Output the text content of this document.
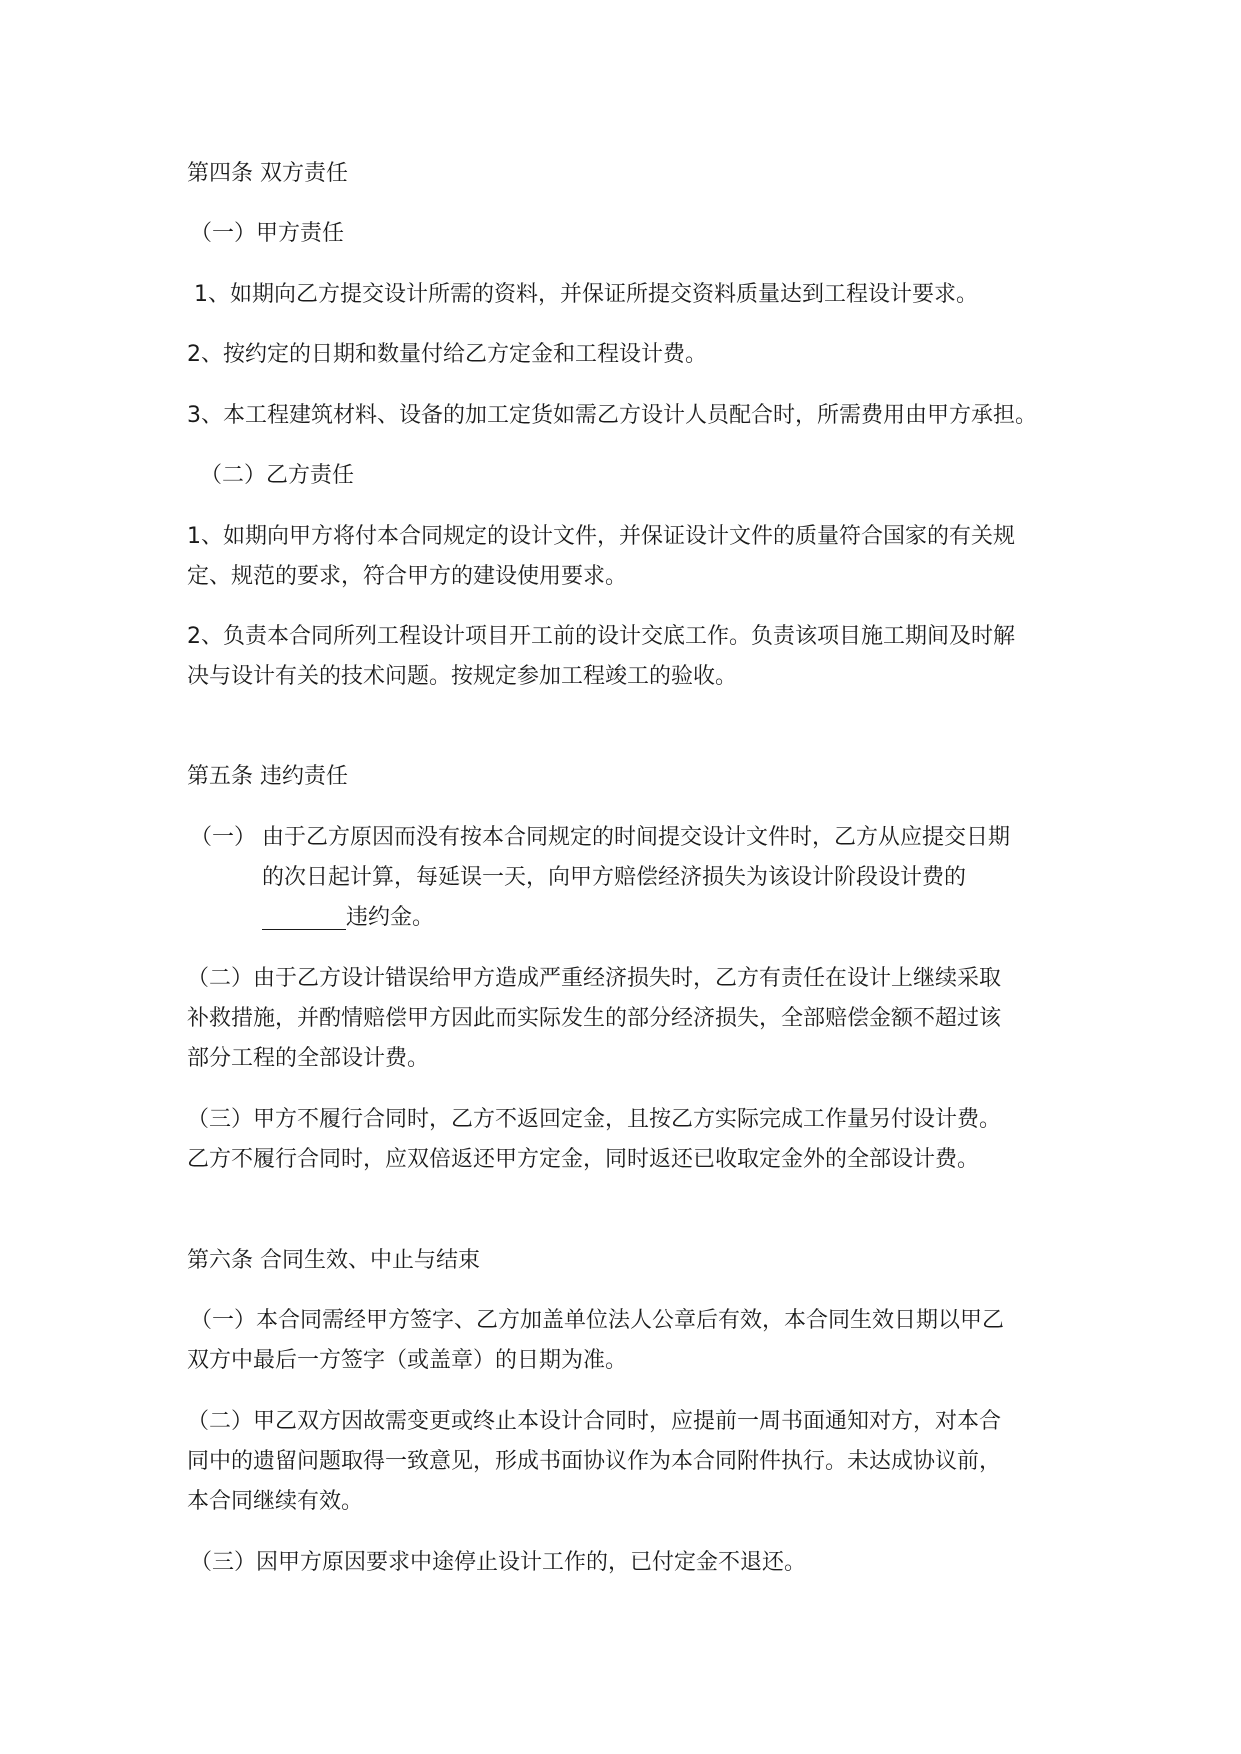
第四条 双方责任
（一）甲方责任
1、如期向乙方提交设计所需的资料，并保证所提交资料质量达到工程设计要求。
2、按约定的日期和数量付给乙方定金和工程设计费。
3、本工程建筑材料、设备的加工定货如需乙方设计人员配合时，所需费用由甲方承担。
（二）乙方责任
1、如期向甲方将付本合同规定的设计文件，并保证设计文件的质量符合国家的有关规
定、规范的要求，符合甲方的建设使用要求。
2、负责本合同所列工程设计项目开工前的设计交底工作。负责该项目施工期间及时解
决与设计有关的技术问题。按规定参加工程竣工的验收。
第五条 违约责任
（一） 由于乙方原因而没有按本合同规定的时间提交设计文件时，乙方从应提交日期
的次日起计算，每延误一天，向甲方赔偿经济损失为该设计阶段设计费的
违约金。
（二）由于乙方设计错误给甲方造成严重经济损失时，乙方有责任在设计上继续采取
补救措施，并酌情赔偿甲方因此而实际发生的部分经济损失，全部赔偿金额不超过该
部分工程的全部设计费。
（三）甲方不履行合同时，乙方不返回定金，且按乙方实际完成工作量另付设计费。
乙方不履行合同时，应双倍返还甲方定金，同时返还已收取定金外的全部设计费。
第六条 合同生效、中止与结束
（一）本合同需经甲方签字、乙方加盖单位法人公章后有效，本合同生效日期以甲乙
双方中最后一方签字（或盖章）的日期为准。
（二）甲乙双方因故需变更或终止本设计合同时，应提前一周书面通知对方，对本合
同中的遗留问题取得一致意见，形成书面协议作为本合同附件执行。未达成协议前，
本合同继续有效。
（三）因甲方原因要求中途停止设计工作的，已付定金不退还。
